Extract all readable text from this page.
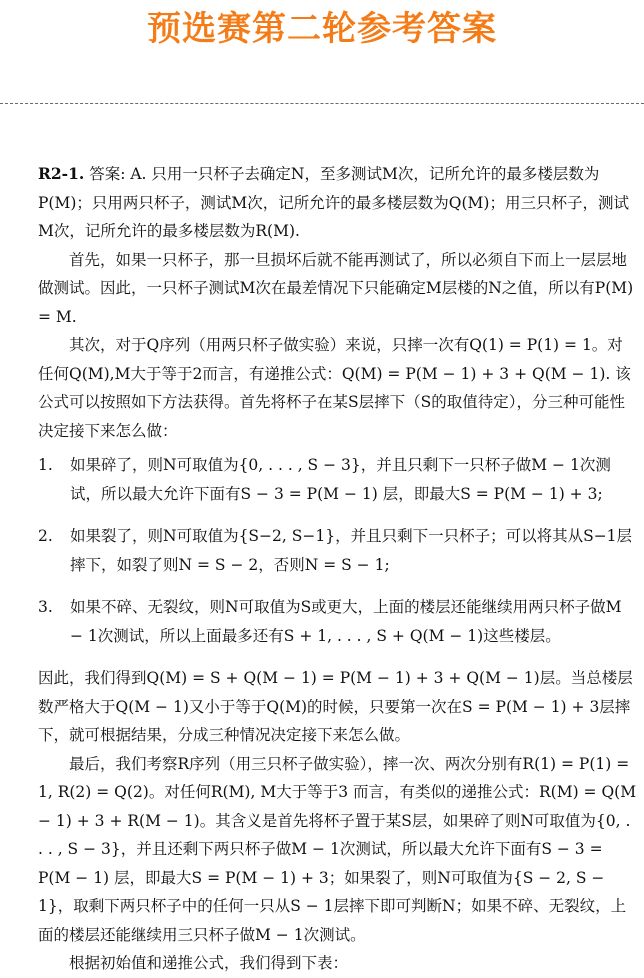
预选赛第二轮参考答案

R2-1. 答案: A. 只用一只杯子去确定N，至多测试M次，记所允许的最多楼层数为P(M)；只用两只杯子，测试M次，记所允许的最多楼层数为Q(M)；用三只杯子，测试M次，记所允许的最多楼层数为R(M).

首先，如果一只杯子，那一旦损坏后就不能再测试了，所以必须自下而上一层层地做测试。因此，一只杯子测试M次在最差情况下只能确定M层楼的N之值，所以有P(M) = M.

其次，对于Q序列（用两只杯子做实验）来说，只摔一次有Q(1) = P(1) = 1。对任何Q(M),M大于等于2而言，有递推公式：Q(M) = P(M − 1) + 3 + Q(M − 1). 该公式可以按照如下方法获得。首先将杯子在某S层摔下（S的取值待定），分三种可能性决定接下来怎么做：

1. 如果碎了，则N可取值为{0, . . . , S − 3}，并且只剩下一只杯子做M − 1次测试，所以最大允许下面有S − 3 = P(M − 1) 层，即最大S = P(M − 1) + 3;
2. 如果裂了，则N可取值为{S−2, S−1}，并且只剩下一只杯子；可以将其从S−1层摔下，如裂了则N = S − 2，否则N = S − 1;
3. 如果不碎、无裂纹，则N可取值为S或更大，上面的楼层还能继续用两只杯子做M − 1次测试，所以上面最多还有S + 1, . . . , S + Q(M − 1)这些楼层。

因此，我们得到Q(M) = S + Q(M − 1) = P(M − 1) + 3 + Q(M − 1)层。当总楼层数严格大于Q(M − 1)又小于等于Q(M)的时候，只要第一次在S = P(M − 1) + 3层摔下，就可根据结果，分成三种情况决定接下来怎么做。

最后，我们考察R序列（用三只杯子做实验），摔一次、两次分别有R(1) = P(1) = 1, R(2) = Q(2)。对任何R(M), M大于等于3 而言，有类似的递推公式：R(M) = Q(M − 1) + 3 + R(M − 1)。其含义是首先将杯子置于某S层，如果碎了则N可取值为{0, . . . , S − 3}，并且还剩下两只杯子做M − 1次测试，所以最大允许下面有S − 3 = P(M − 1) 层，即最大S = P(M − 1) + 3；如果裂了，则N可取值为{S − 2, S − 1}，取剩下两只杯子中的任何一只从S − 1层摔下即可判断N；如果不碎、无裂纹，上面的楼层还能继续用三只杯子做M − 1次测试。

根据初始值和递推公式，我们得到下表：
